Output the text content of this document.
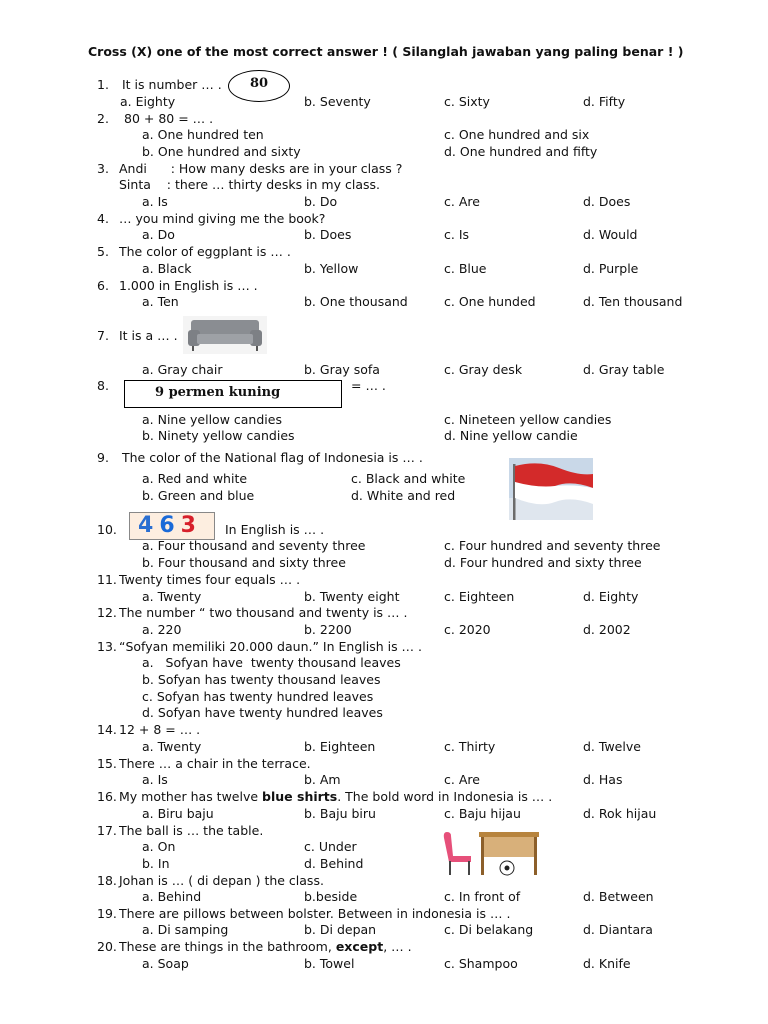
Cross (X) one of the most correct answer ! ( Silanglah jawaban yang paling benar ! )
1. It is number … .	80
a. Eighty	b. Seventy	c. Sixty	d. Fifty
2. 80 + 80 = … .
a. One hundred ten
b. One hundred and sixty
c. One hundred and six
d. One hundred and fifty
3. Andi      : How many desks are in your class ?
Sinta    : there … thirty desks in my class.
a. Is	b. Do	c. Are	d. Does
4. … you mind giving me the book?
a. Do	b. Does	c. Is	d. Would
5. The color of eggplant is … .
a. Black	b. Yellow	c. Blue	d. Purple
6. 1.000 in English is … .
a. Ten	b. One thousand	c. One hunded	d. Ten thousand
7. It is a … .
a. Gray chair	b. Gray sofa	c. Gray desk	d. Gray table
8.	9 permen kuning	= … .
a. Nine yellow candies
b. Ninety yellow candies
c. Nineteen yellow candies
d. Nine yellow candie
9. The color of the National flag of Indonesia is … .
a. Red and white
b. Green and blue
c. Black and white
d. White and red
10. 463	In English is … .
a. Four thousand and seventy three
b. Four thousand and sixty three
c. Four hundred and seventy three
d. Four hundred and sixty three
11. Twenty times four equals … .
a. Twenty	b. Twenty eight	c. Eighteen	d. Eighty
12. The number “ two thousand and twenty is … .
a. 220	b. 2200	c. 2020	d. 2002
13. “Sofyan memiliki 20.000 daun.” In English is … .
a.   Sofyan have  twenty thousand leaves
b. Sofyan has twenty thousand leaves
c. Sofyan has twenty hundred leaves
d. Sofyan have twenty hundred leaves
14. 12 + 8 = … .
a. Twenty	b. Eighteen	c. Thirty	d. Twelve
15. There … a chair in the terrace.
a. Is	b. Am	c. Are	d. Has
16. My mother has twelve blue shirts. The bold word in Indonesia is … .
a. Biru baju	b. Baju biru	c. Baju hijau	d. Rok hijau
17. The ball is … the table.
a. On
b. In
c. Under
d. Behind
18. Johan is … ( di depan ) the class.
a. Behind	b.beside	c. In front of	d. Between
19. There are pillows between bolster. Between in indonesia is … .
a. Di samping	b. Di depan	c. Di belakang	d. Diantara
20. These are things in the bathroom, except, … .
a. Soap	b. Towel	c. Shampoo	d. Knife
